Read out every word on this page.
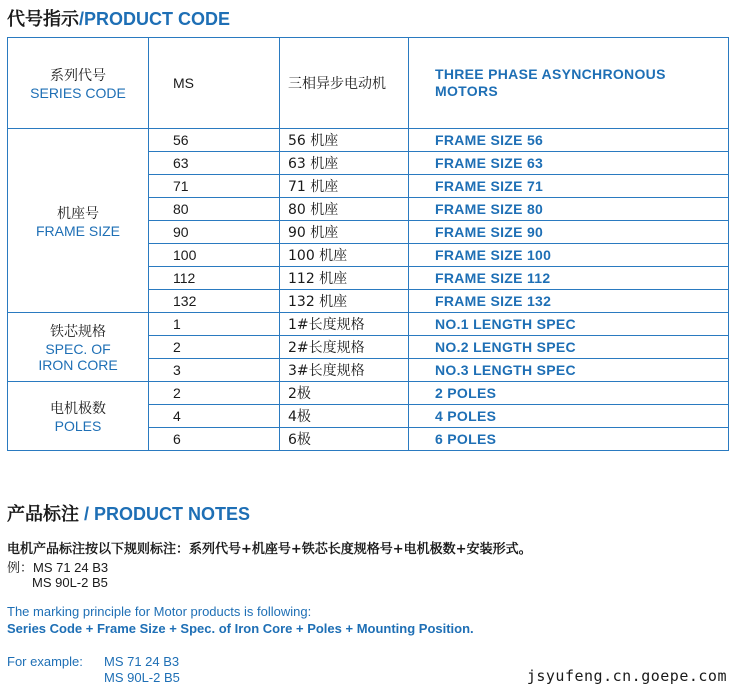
代号指示/PRODUCT CODE
系列代号
SERIES CODE	MS	三相异步电动机	THREE PHASE ASYNCHRONOUS
MOTORS

机座号
FRAME SIZE	56	56 机座	FRAME SIZE 56
	63	63 机座	FRAME SIZE 63
	71	71 机座	FRAME SIZE 71
	80	80 机座	FRAME SIZE 80
	90	90 机座	FRAME SIZE 90
	100	100 机座	FRAME SIZE 100
	112	112 机座	FRAME SIZE 112
	132	132 机座	FRAME SIZE 132

铁芯规格
SPEC. OF
IRON CORE	1	1#长度规格	NO.1 LENGTH SPEC
	2	2#长度规格	NO.2 LENGTH SPEC
	3	3#长度规格	NO.3 LENGTH SPEC

电机极数
POLES	2	2极	2 POLES
	4	4极	4 POLES
	6	6极	6 POLES
产品标注 / PRODUCT NOTES
电机产品标注按以下规则标注：系列代号+机座号+铁芯长度规格号+电机极数+安装形式。
例：MS 71 24 B3
MS 90L-2 B5
The marking principle for Motor products is following:
Series Code + Frame Size + Spec. of Iron Core + Poles + Mounting Position.
For example: MS 71 24 B3
MS 90L-2 B5	jsyufeng.cn.goepe.com
